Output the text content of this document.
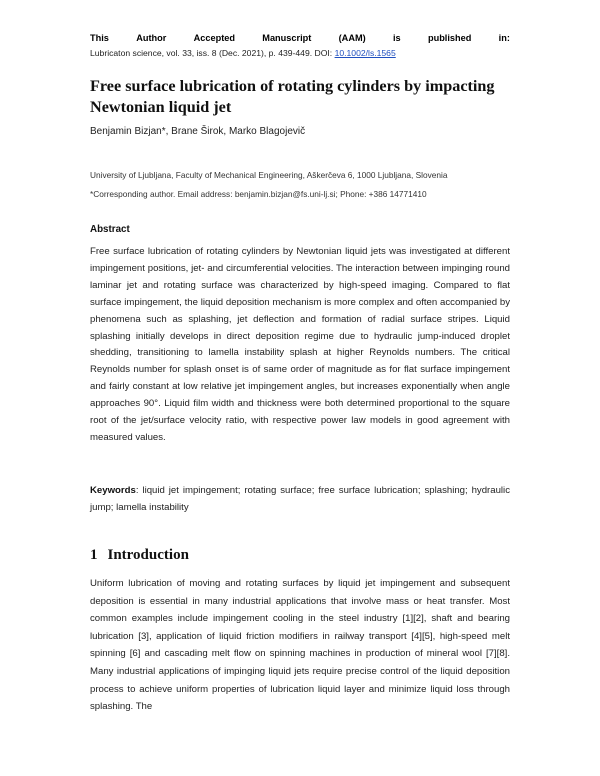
This	Author	Accepted	Manuscript	(AAM)	is	published	in:
Lubricaton science, vol. 33, iss. 8 (Dec. 2021), p. 439-449. DOI: 10.1002/ls.1565
Free surface lubrication of rotating cylinders by impacting Newtonian liquid jet
Benjamin Bizjan*, Brane Širok, Marko Blagojevič
University of Ljubljana, Faculty of Mechanical Engineering, Aškerčeva 6, 1000 Ljubljana, Slovenia
*Corresponding author. Email address: benjamin.bizjan@fs.uni-lj.si; Phone: +386 14771410
Abstract
Free surface lubrication of rotating cylinders by Newtonian liquid jets was investigated at different impingement positions, jet- and circumferential velocities. The interaction between impinging round laminar jet and rotating surface was characterized by high-speed imaging. Compared to flat surface impingement, the liquid deposition mechanism is more complex and often accompanied by phenomena such as splashing, jet deflection and formation of radial surface stripes. Liquid splashing initially develops in direct deposition regime due to hydraulic jump-induced droplet shedding, transitioning to lamella instability splash at higher Reynolds numbers. The critical Reynolds number for splash onset is of same order of magnitude as for flat surface impingement and fairly constant at low relative jet impingement angles, but increases exponentially when angle approaches 90°. Liquid film width and thickness were both determined proportional to the square root of the jet/surface velocity ratio, with respective power law models in good agreement with measured values.
Keywords: liquid jet impingement; rotating surface; free surface lubrication; splashing; hydraulic jump; lamella instability
1 Introduction
Uniform lubrication of moving and rotating surfaces by liquid jet impingement and subsequent deposition is essential in many industrial applications that involve mass or heat transfer. Most common examples include impingement cooling in the steel industry [1][2], shaft and bearing lubrication [3], application of liquid friction modifiers in railway transport [4][5], high-speed melt spinning [6] and cascading melt flow on spinning machines in production of mineral wool [7][8]. Many industrial applications of impinging liquid jets require precise control of the liquid deposition process to achieve uniform properties of lubrication liquid layer and minimize liquid loss through splashing. The
